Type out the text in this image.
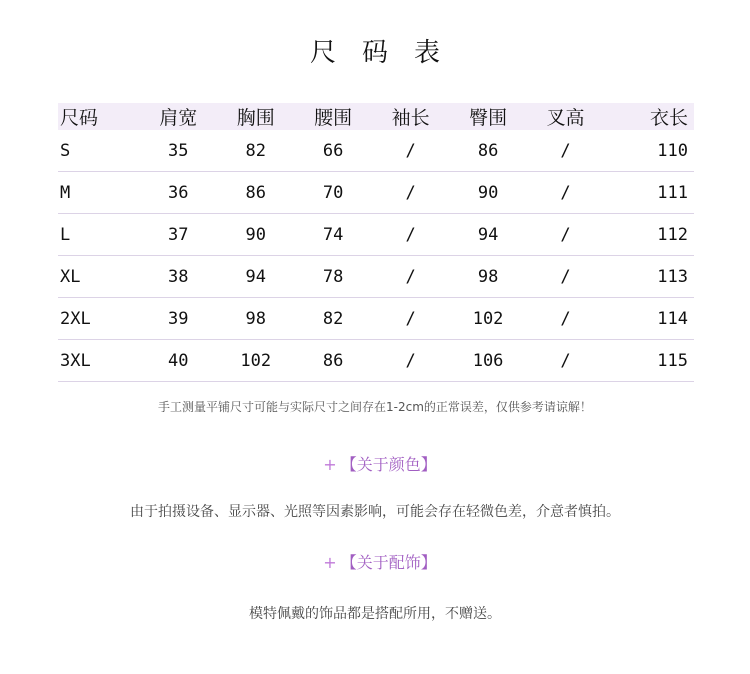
尺码表
尺码	肩宽	胸围	腰围	袖长	臀围	叉高	衣长
S	35	82	66	/	86	/	110
M	36	86	70	/	90	/	111
L	37	90	74	/	94	/	112
XL	38	94	78	/	98	/	113
2XL	39	98	82	/	102	/	114
3XL	40	102	86	/	106	/	115
手工测量平铺尺寸可能与实际尺寸之间存在1-2cm的正常误差，仅供参考请谅解！
+ 【关于颜色】
由于拍摄设备、显示器、光照等因素影响，可能会存在轻微色差，介意者慎拍。
+ 【关于配饰】
模特佩戴的饰品都是搭配所用，不赠送。
